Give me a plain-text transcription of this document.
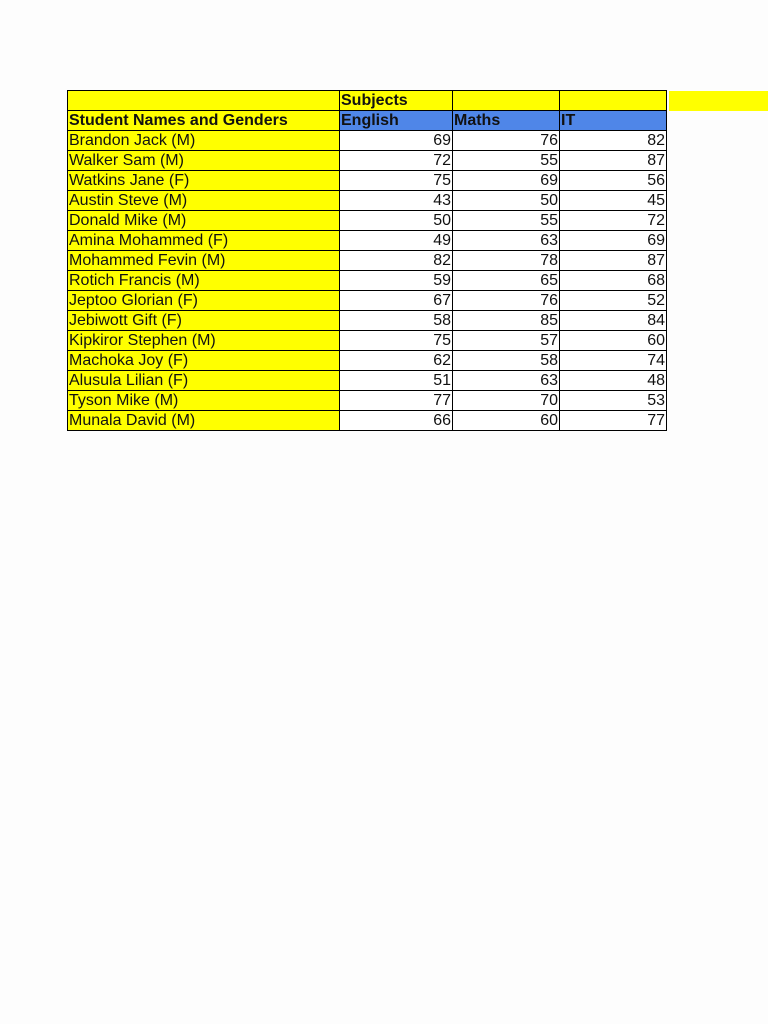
	Subjects		
Student Names and Genders	English	Maths	IT
Brandon Jack (M)	69	76	82
Walker Sam (M)	72	55	87
Watkins Jane (F)	75	69	56
Austin Steve (M)	43	50	45
Donald Mike (M)	50	55	72
Amina Mohammed (F)	49	63	69
Mohammed Fevin (M)	82	78	87
Rotich Francis (M)	59	65	68
Jeptoo Glorian (F)	67	76	52
Jebiwott Gift (F)	58	85	84
Kipkiror Stephen (M)	75	57	60
Machoka Joy (F)	62	58	74
Alusula Lilian (F)	51	63	48
Tyson Mike (M)	77	70	53
Munala David (M)	66	60	77
